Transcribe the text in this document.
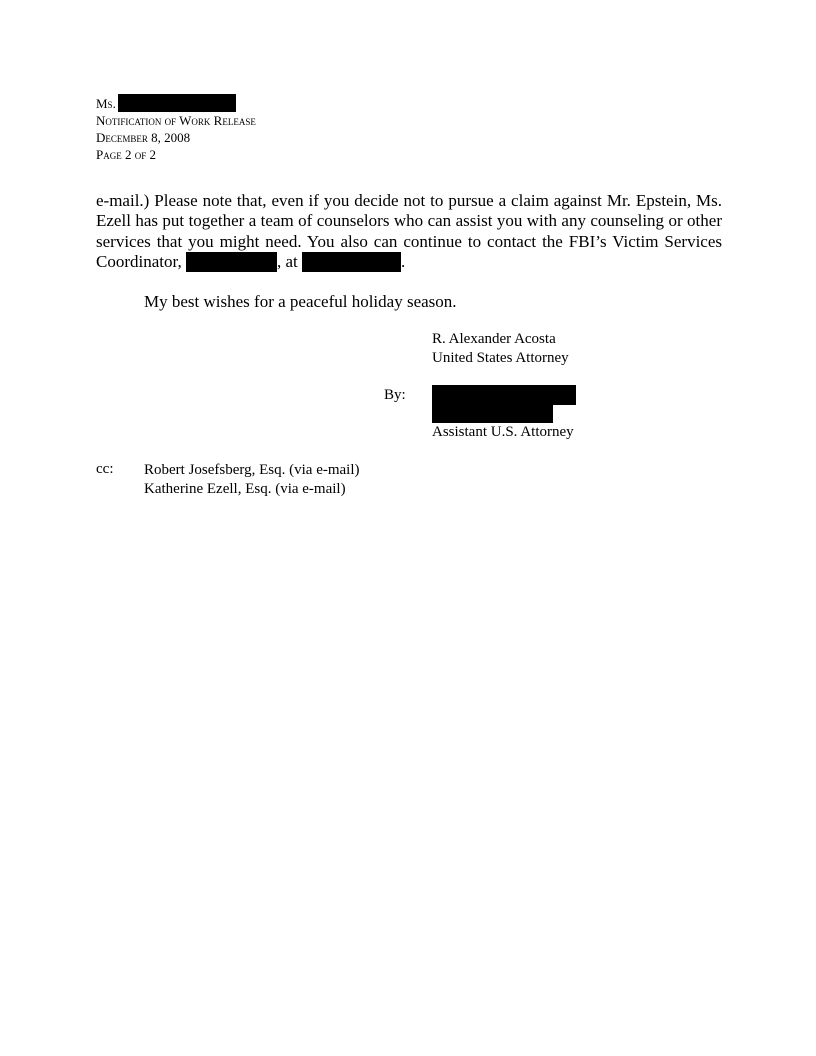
Ms.
Notification of Work Release
December 8, 2008
Page 2 of 2
e-mail.) Please note that, even if you decide not to pursue a claim against Mr. Epstein, Ms. Ezell has put together a team of counselors who can assist you with any counseling or other services that you might need. You also can continue to contact the FBI’s Victim Services Coordinator,	, at	.
My best wishes for a peaceful holiday season.
R. Alexander Acosta
United States Attorney
By:
Assistant U.S. Attorney
cc: Robert Josefsberg, Esq. (via e-mail)
Katherine Ezell, Esq. (via e-mail)
